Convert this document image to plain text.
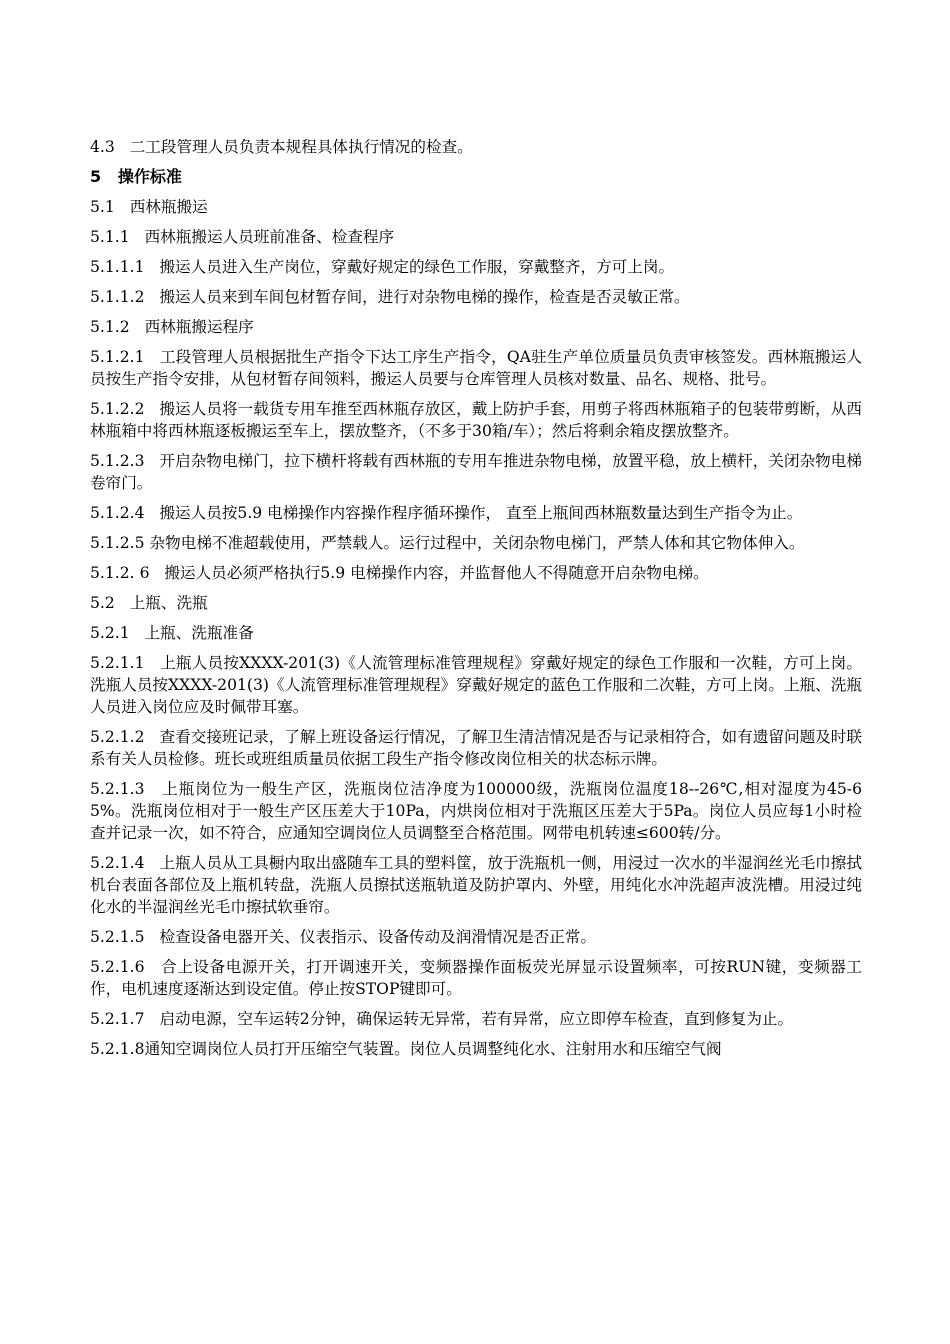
4.3 二工段管理人员负责本规程具体执行情况的检查。

5 操作标准

5.1 西林瓶搬运

5.1.1 西林瓶搬运人员班前准备、检查程序

5.1.1.1 搬运人员进入生产岗位，穿戴好规定的绿色工作服，穿戴整齐，方可上岗。

5.1.1.2 搬运人员来到车间包材暂存间，进行对杂物电梯的操作，检查是否灵敏正常。

5.1.2 西林瓶搬运程序

5.1.2.1 工段管理人员根据批生产指令下达工序生产指令，QA驻生产单位质量员负责审核签发。西林瓶搬运人员按生产指令安排，从包材暂存间领料，搬运人员要与仓库管理人员核对数量、品名、规格、批号。

5.1.2.2 搬运人员将一载货专用车推至西林瓶存放区，戴上防护手套，用剪子将西林瓶箱子的包装带剪断，从西林瓶箱中将西林瓶逐板搬运至车上，摆放整齐，（不多于30箱/车）；然后将剩余箱皮摆放整齐。

5.1.2.3 开启杂物电梯门，拉下横杆将载有西林瓶的专用车推进杂物电梯，放置平稳，放上横杆，关闭杂物电梯卷帘门。

5.1.2.4 搬运人员按5.9 电梯操作内容操作程序循环操作， 直至上瓶间西林瓶数量达到生产指令为止。

5.1.2.5 杂物电梯不准超载使用，严禁载人。运行过程中，关闭杂物电梯门，严禁人体和其它物体伸入。

5.1.2. 6 搬运人员必须严格执行5.9 电梯操作内容，并监督他人不得随意开启杂物电梯。

5.2 上瓶、洗瓶

5.2.1 上瓶、洗瓶准备

5.2.1.1 上瓶人员按XXXX-201(3)《人流管理标准管理规程》穿戴好规定的绿色工作服和一次鞋，方可上岗。洗瓶人员按XXXX-201(3)《人流管理标准管理规程》穿戴好规定的蓝色工作服和二次鞋，方可上岗。上瓶、洗瓶人员进入岗位应及时佩带耳塞。

5.2.1.2 查看交接班记录，了解上班设备运行情况，了解卫生清洁情况是否与记录相符合，如有遗留问题及时联系有关人员检修。班长或班组质量员依据工段生产指令修改岗位相关的状态标示牌。

5.2.1.3 上瓶岗位为一般生产区，洗瓶岗位洁净度为100000级，洗瓶岗位温度18--26℃,相对湿度为45-65%。洗瓶岗位相对于一般生产区压差大于10Pa，内烘岗位相对于洗瓶区压差大于5Pa。岗位人员应每1小时检查并记录一次，如不符合，应通知空调岗位人员调整至合格范围。网带电机转速≤600转/分。

5.2.1.4 上瓶人员从工具橱内取出盛随车工具的塑料筐，放于洗瓶机一侧，用浸过一次水的半湿润丝光毛巾擦拭机台表面各部位及上瓶机转盘，洗瓶人员擦拭送瓶轨道及防护罩内、外壁，用纯化水冲洗超声波洗槽。用浸过纯化水的半湿润丝光毛巾擦拭软垂帘。

5.2.1.5 检查设备电器开关、仪表指示、设备传动及润滑情况是否正常。

5.2.1.6 合上设备电源开关，打开调速开关，变频器操作面板荧光屏显示设置频率，可按RUN键，变频器工作，电机速度逐渐达到设定值。停止按STOP键即可。

5.2.1.7 启动电源，空车运转2分钟，确保运转无异常，若有异常，应立即停车检查，直到修复为止。

5.2.1.8通知空调岗位人员打开压缩空气装置。岗位人员调整纯化水、注射用水和压缩空气阀
